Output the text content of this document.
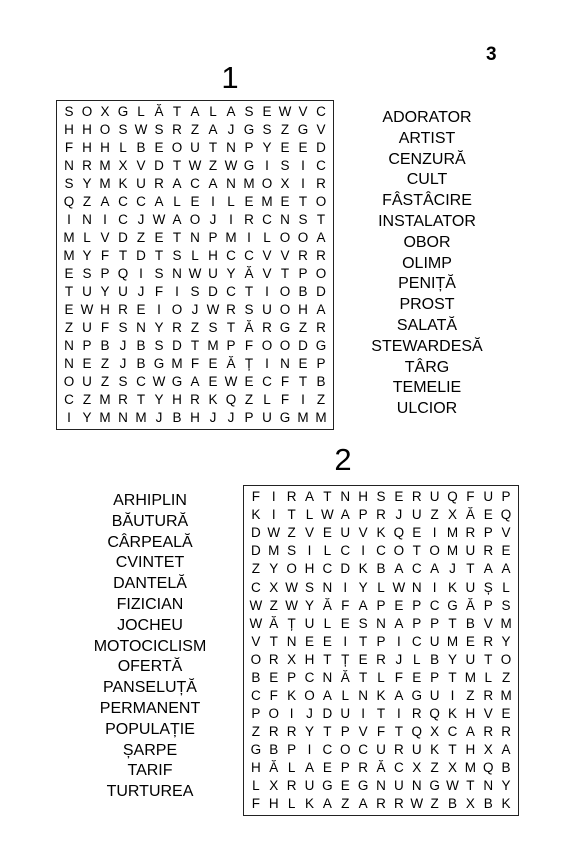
3
1
S O X G L Ă T A L A S E W V C
H H O S W S R Z A J G S Z G V
F H H L B E O U T N P Y E E D
N R M X V D T W Z W G I S I C
S Y M K U R A C A N M O X I R
Q Z A C C A L E I L E M E T O
I N I C J W A O J I R C N S T
M L V D Z E T N P M I L O O A
M Y F T D T S L H C C V V R R
E S P Q I S N W U Y Ă V T P O
T U Y U J F I S D C T I O B D
E W H R E I O J W R S U O H A
Z U F S N Y R Z S T Ă R G Z R
N P B J B S D T M P F O O D G
N E Z J B G M F E Ă Ț I N E P
O U Z S C W G A E W E C F T B
C Z M R T Y H R K Q Z L F I Z
I Y M N M J B H J J P U G M M
ADORATOR
ARTIST
CENZURĂ
CULT
FÂSTÂCIRE
INSTALATOR
OBOR
OLIMP
PENIȚĂ
PROST
SALATĂ
STEWARDESĂ
TÂRG
TEMELIE
ULCIOR
2
F I R A T N H S E R U Q F U P
K I T L W A P R J U Z X Ă E Q
D W Z V E U V K Q E I M R P V
D M S I L C I C O T O M U R E
Z Y O H C D K B A C A J T A A
C X W S N I Y L W N I K U Ș L
W Z W Y Ă F A P E P C G Ă P S
W Ă Ț U L E S N A P P T B V M
V T N E E I T P I C U M E R Y
O R X H T Ț E R J L B Y U T O
B E P C N Ă T L F E P T M L Z
C F K O A L N K A G U I Z R M
P O I J D U I T I R Q K H V E
Z R R Y T P V F T Q X C A R R
G B P I C O C U R U K T H X A
H Ă L A E P R Ă C X Z X M Q B
L X R U G E G N U N G W T N Y
F H L K A Z A R R W Z B X B K
ARHIPLIN
BĂUTURĂ
CÂRPEALĂ
CVINTET
DANTELĂ
FIZICIAN
JOCHEU
MOTOCICLISM
OFERTĂ
PANSELUȚĂ
PERMANENT
POPULAȚIE
ȘARPE
TARIF
TURTUREA
